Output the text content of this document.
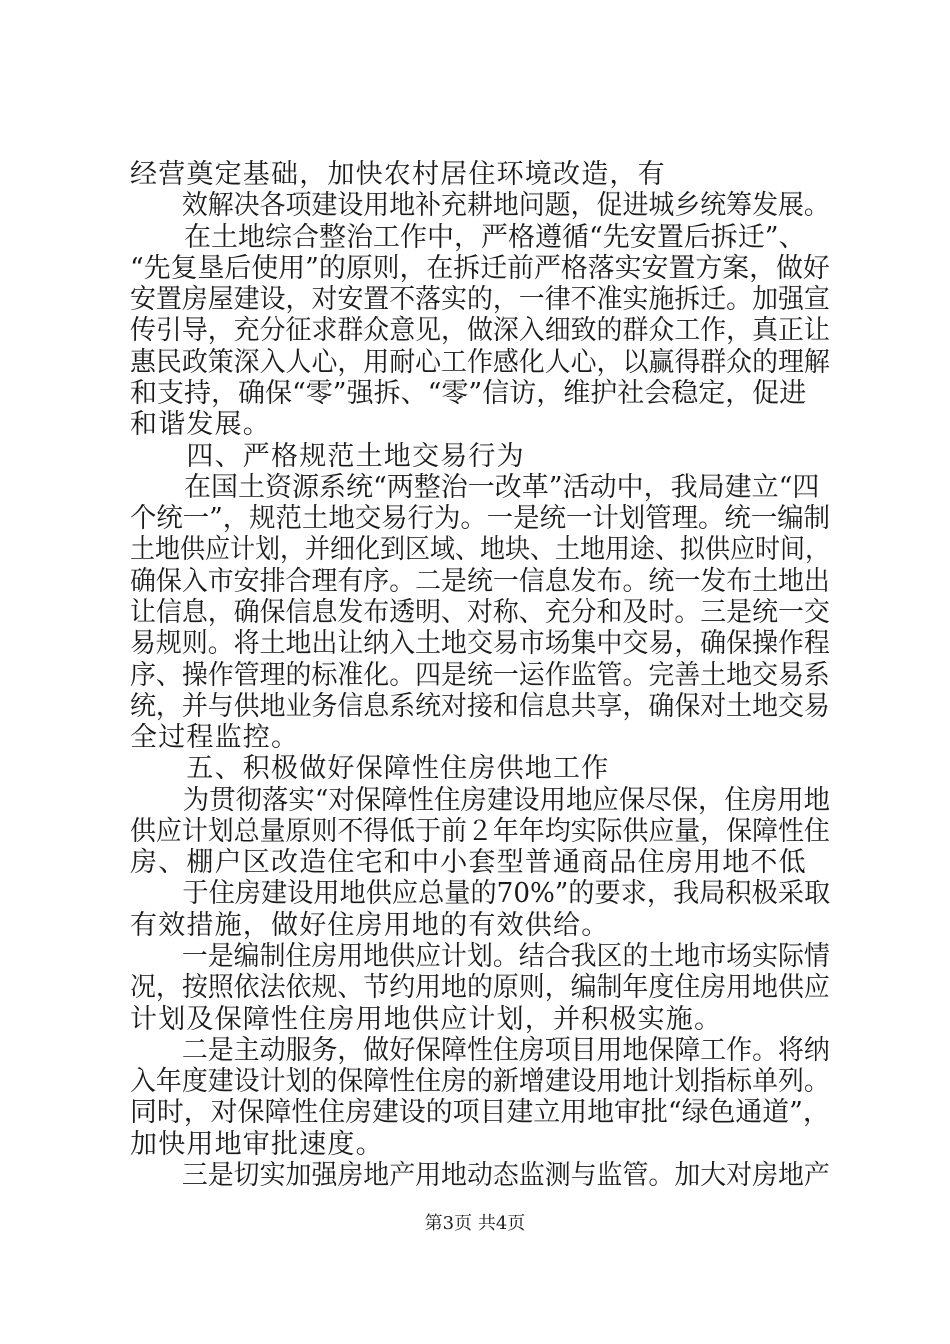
经营奠定基础，加快农村居住环境改造，有
　　效解决各项建设用地补充耕地问题，促进城乡统筹发展。
　　在土地综合整治工作中，严格遵循“先安置后拆迁”、
“先复垦后使用”的原则，在拆迁前严格落实安置方案，做好
安置房屋建设，对安置不落实的，一律不准实施拆迁。加强宣
传引导，充分征求群众意见，做深入细致的群众工作，真正让
惠民政策深入人心，用耐心工作感化人心，以赢得群众的理解
和支持，确保“零”强拆、“零”信访，维护社会稳定，促进
和谐发展。
　　四、严格规范土地交易行为
　　在国土资源系统“两整治一改革”活动中，我局建立“四
个统一”，规范土地交易行为。一是统一计划管理。统一编制
土地供应计划，并细化到区域、地块、土地用途、拟供应时间，
确保入市安排合理有序。二是统一信息发布。统一发布土地出
让信息，确保信息发布透明、对称、充分和及时。三是统一交
易规则。将土地出让纳入土地交易市场集中交易，确保操作程
序、操作管理的标准化。四是统一运作监管。完善土地交易系
统，并与供地业务信息系统对接和信息共享，确保对土地交易
全过程监控。
　　五、积极做好保障性住房供地工作
　　为贯彻落实“对保障性住房建设用地应保尽保，住房用地
供应计划总量原则不得低于前２年年均实际供应量，保障性住
房、棚户区改造住宅和中小套型普通商品住房用地不低
　　于住房建设用地供应总量的70%”的要求，我局积极采取
有效措施，做好住房用地的有效供给。
　　一是编制住房用地供应计划。结合我区的土地市场实际情
况，按照依法依规、节约用地的原则，编制年度住房用地供应
计划及保障性住房用地供应计划，并积极实施。
　　二是主动服务，做好保障性住房项目用地保障工作。将纳
入年度建设计划的保障性住房的新增建设用地计划指标单列。
同时，对保障性住房建设的项目建立用地审批“绿色通道”，
加快用地审批速度。
　　三是切实加强房地产用地动态监测与监管。加大对房地产
第3页 共4页
